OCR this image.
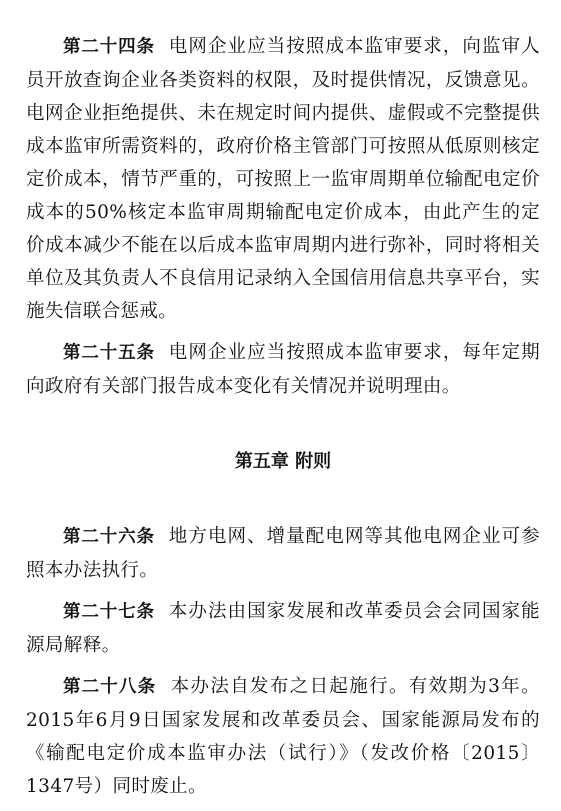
第二十四条 电网企业应当按照成本监审要求，向监审人员开放查询企业各类资料的权限，及时提供情况，反馈意见。电网企业拒绝提供、未在规定时间内提供、虚假或不完整提供成本监审所需资料的，政府价格主管部门可按照从低原则核定定价成本，情节严重的，可按照上一监审周期单位输配电定价成本的50%核定本监审周期输配电定价成本，由此产生的定价成本减少不能在以后成本监审周期内进行弥补，同时将相关单位及其负责人不良信用记录纳入全国信用信息共享平台，实施失信联合惩戒。

第二十五条 电网企业应当按照成本监审要求，每年定期向政府有关部门报告成本变化有关情况并说明理由。

第五章 附则

第二十六条 地方电网、增量配电网等其他电网企业可参照本办法执行。

第二十七条 本办法由国家发展和改革委员会会同国家能源局解释。

第二十八条 本办法自发布之日起施行。有效期为3年。2015年6月9日国家发展和改革委员会、国家能源局发布的《输配电定价成本监审办法（试行）》（发改价格〔2015〕1347号）同时废止。
